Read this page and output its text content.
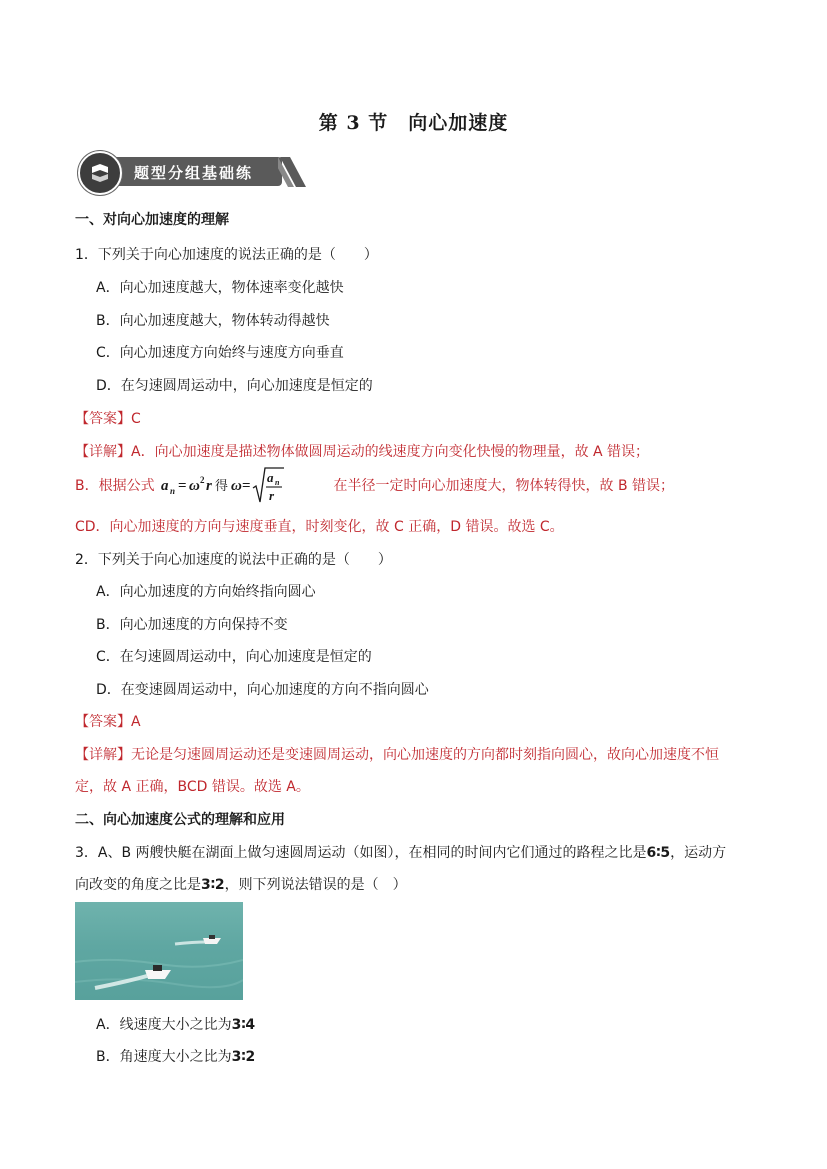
第 3 节　向心加速度
题型分组基础练
一、对向心加速度的理解
1．下列关于向心加速度的说法正确的是（　　）
A．向心加速度越大，物体速率变化越快
B．向心加速度越大，物体转动得越快
C．向心加速度方向始终与速度方向垂直
D．在匀速圆周运动中，向心加速度是恒定的
【答案】C
【详解】A．向心加速度是描述物体做圆周运动的线速度方向变化快慢的物理量，故 A 错误；
B．根据公式 a n = ω 2 r 得 ω =
a n
r
在半径一定时向心加速度大，物体转得快，故 B 错误；
CD．向心加速度的方向与速度垂直，时刻变化，故 C 正确，D 错误。故选 C。
2．下列关于向心加速度的说法中正确的是（　　）
A．向心加速度的方向始终指向圆心
B．向心加速度的方向保持不变
C．在匀速圆周运动中，向心加速度是恒定的
D．在变速圆周运动中，向心加速度的方向不指向圆心
【答案】A
【详解】无论是匀速圆周运动还是变速圆周运动，向心加速度的方向都时刻指向圆心，故向心加速度不恒
定，故 A 正确，BCD 错误。故选 A。
二、向心加速度公式的理解和应用
3．A、B 两艘快艇在湖面上做匀速圆周运动（如图），在相同的时间内它们通过的路程之比是6∶5，运动方
向改变的角度之比是3∶2，则下列说法错误的是（　）
A．线速度大小之比为3∶4
B．角速度大小之比为3∶2
